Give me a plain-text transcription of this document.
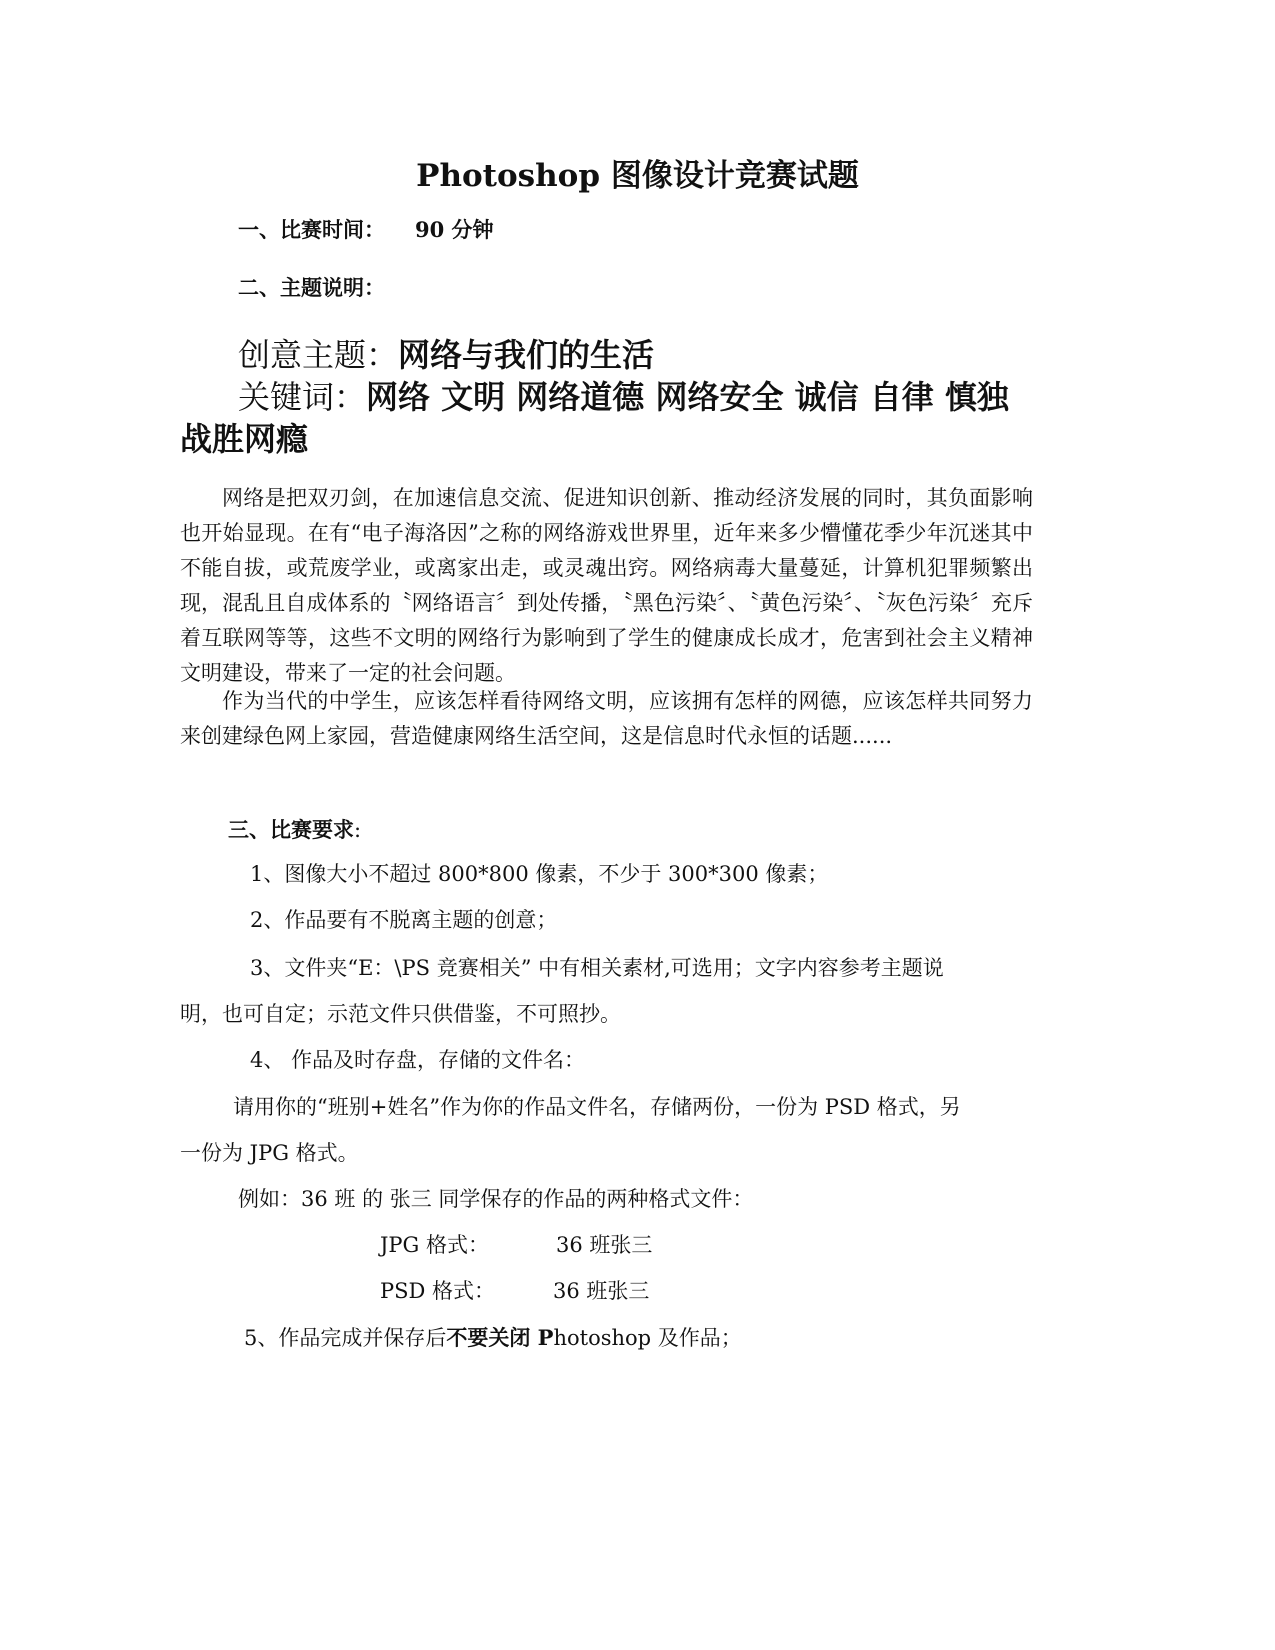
Photoshop 图像设计竞赛试题
一、比赛时间： 90 分钟
二、主题说明：
创意主题：网络与我们的生活
关键词：网络 文明 网络道德 网络安全 诚信 自律 慎独
战胜网瘾
网络是把双刃剑，在加速信息交流、促进知识创新、推动经济发展的同时，其负面影响也开始显现。在有“电子海洛因”之称的网络游戏世界里，近年来多少懵懂花季少年沉迷其中不能自拔，或荒废学业，或离家出走，或灵魂出窍。网络病毒大量蔓延，计算机犯罪频繁出现，混乱且自成体系的〝网络语言〞到处传播，〝黑色污染〞、〝黄色污染〞、〝灰色污染〞充斥着互联网等等，这些不文明的网络行为影响到了学生的健康成长成才，危害到社会主义精神文明建设，带来了一定的社会问题。
作为当代的中学生，应该怎样看待网络文明，应该拥有怎样的网德，应该怎样共同努力来创建绿色网上家园，营造健康网络生活空间，这是信息时代永恒的话题......
三、比赛要求:
1、图像大小不超过 800*800 像素，不少于 300*300 像素；
2、作品要有不脱离主题的创意；
3、文件夹“E：\PS 竞赛相关” 中有相关素材,可选用；文字内容参考主题说
明，也可自定；示范文件只供借鉴，不可照抄。
4、 作品及时存盘，存储的文件名：
请用你的“班别+姓名”作为你的作品文件名，存储两份，一份为 PSD 格式，另
一份为 JPG 格式。
例如：36 班 的 张三 同学保存的作品的两种格式文件：
JPG 格式：	36 班张三
PSD 格式：	36 班张三
5、作品完成并保存后不要关闭 Photoshop 及作品；
